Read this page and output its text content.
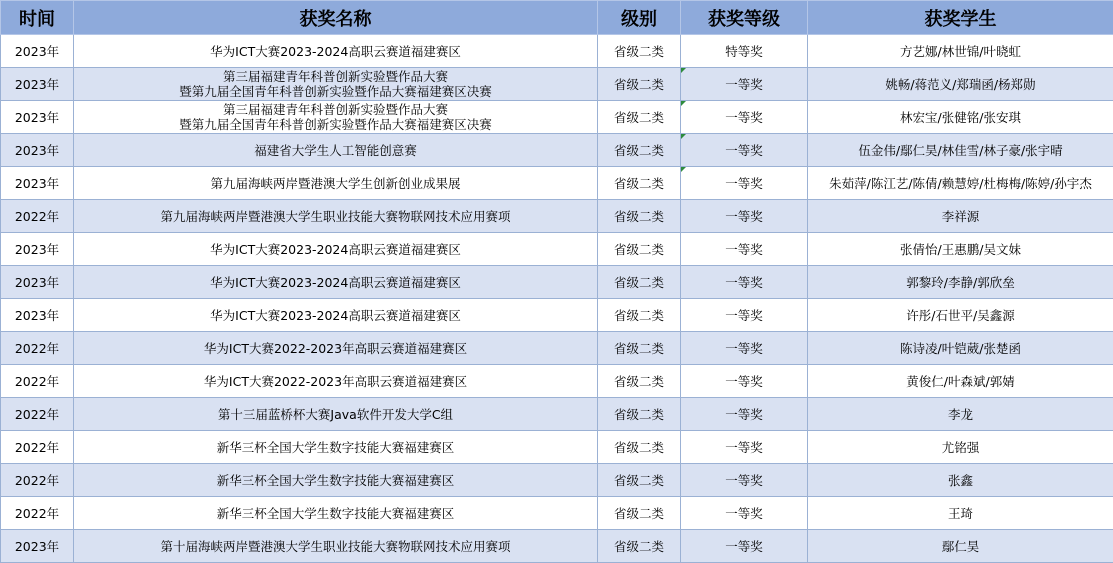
时间	获奖名称	级别	获奖等级	获奖学生
2023年	华为ICT大赛2023-2024高职云赛道福建赛区	省级二类	特等奖	方艺娜/林世锦/叶晓虹
2023年	第三届福建青年科普创新实验暨作品大赛
暨第九届全国青年科普创新实验暨作品大赛福建赛区决赛	省级二类	一等奖	姚畅/蒋范义/郑瑞函/杨郑勋
2023年	第三届福建青年科普创新实验暨作品大赛
暨第九届全国青年科普创新实验暨作品大赛福建赛区决赛	省级二类	一等奖	林宏宝/张健铭/张安琪
2023年	福建省大学生人工智能创意赛	省级二类	一等奖	伍金伟/鄢仁昊/林佳雪/林子豪/张宇晴
2023年	第九届海峡两岸暨港澳大学生创新创业成果展	省级二类	一等奖	朱茹萍/陈江艺/陈倩/赖慧婷/杜梅梅/陈婷/孙宇杰
2022年	第九届海峡两岸暨港澳大学生职业技能大赛物联网技术应用赛项	省级二类	一等奖	李祥源
2023年	华为ICT大赛2023-2024高职云赛道福建赛区	省级二类	一等奖	张倩怡/王惠鹏/吴文妹
2023年	华为ICT大赛2023-2024高职云赛道福建赛区	省级二类	一等奖	郭黎玲/李静/郭欣垒
2023年	华为ICT大赛2023-2024高职云赛道福建赛区	省级二类	一等奖	许彤/石世平/吴鑫源
2022年	华为ICT大赛2022-2023年高职云赛道福建赛区	省级二类	一等奖	陈诗凌/叶铠葳/张楚函
2022年	华为ICT大赛2022-2023年高职云赛道福建赛区	省级二类	一等奖	黄俊仁/叶森斌/郭婧
2022年	第十三届蓝桥杯大赛Java软件开发大学C组	省级二类	一等奖	李龙
2022年	新华三杯全国大学生数字技能大赛福建赛区	省级二类	一等奖	尤铭强
2022年	新华三杯全国大学生数字技能大赛福建赛区	省级二类	一等奖	张鑫
2022年	新华三杯全国大学生数字技能大赛福建赛区	省级二类	一等奖	王琦
2023年	第十届海峡两岸暨港澳大学生职业技能大赛物联网技术应用赛项	省级二类	一等奖	鄢仁昊
